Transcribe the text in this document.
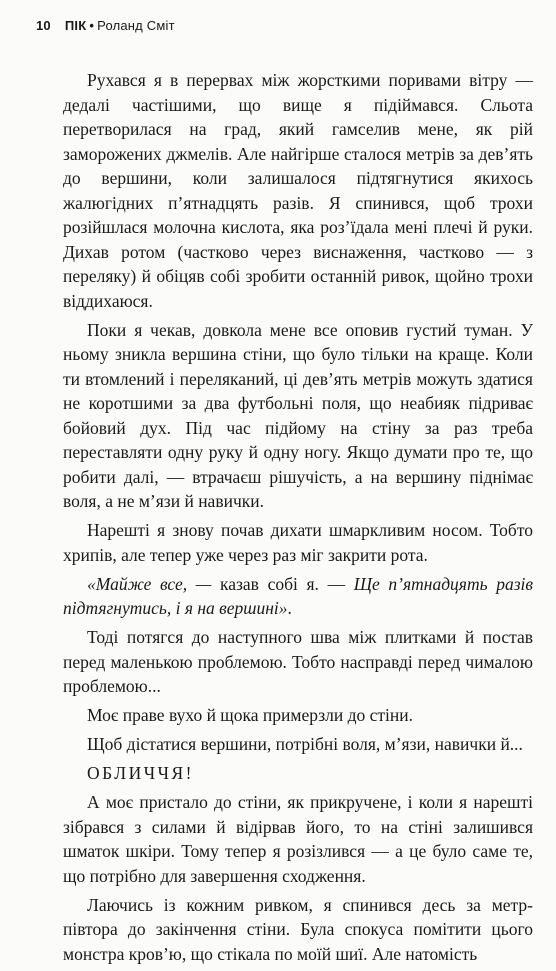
10 ПІК • Роланд Сміт

Рухався я в перервах між жорсткими поривами вітру — дедалі частішими, що вище я підіймався. Сльота перетворилася на град, який гамселив мене, як рій заморожених джмелів. Але найгірше сталося метрів за дев’ять до вершини, коли залишалося підтягнутися якихось жалюгідних п’ятнадцять разів. Я спинився, щоб трохи розійшлася молочна кислота, яка роз’їдала мені плечі й руки. Дихав ротом (частково через виснаження, частково — з переляку) й обіцяв собі зробити останній ривок, щойно трохи віддихаюся.

Поки я чекав, довкола мене все оповив густий туман. У ньому зникла вершина стіни, що було тільки на краще. Коли ти втомлений і переляканий, ці дев’ять метрів можуть здатися не коротшими за два футбольні поля, що неабияк підриває бойовий дух. Під час підйому на стіну за раз треба переставляти одну руку й одну ногу. Якщо думати про те, що робити далі, — втрачаєш рішучість, а на вершину піднімає воля, а не м’язи й навички.

Нарешті я знову почав дихати шмаркливим носом. Тобто хрипів, але тепер уже через раз міг закрити рота.

«Майже все, — казав собі я. — Ще п’ятнадцять разів підтягнутись, і я на вершині».

Тоді потягся до наступного шва між плитками й постав перед маленькою проблемою. Тобто насправді перед чималою проблемою...

Моє праве вухо й щока примерзли до стіни.

Щоб дістатися вершини, потрібні воля, м’язи, навички й...

ОБЛИЧЧЯ!

А моє пристало до стіни, як прикручене, і коли я нарешті зібрався з силами й відірвав його, то на стіні залишився шматок шкіри. Тому тепер я розізлився — а це було саме те, що потрібно для завершення сходження.

Лаючись із кожним ривком, я спинився десь за метр-півтора до закінчення стіни. Була спокуса помітити цього монстра кров’ю, що стікала по моїй шиї. Але натомість
